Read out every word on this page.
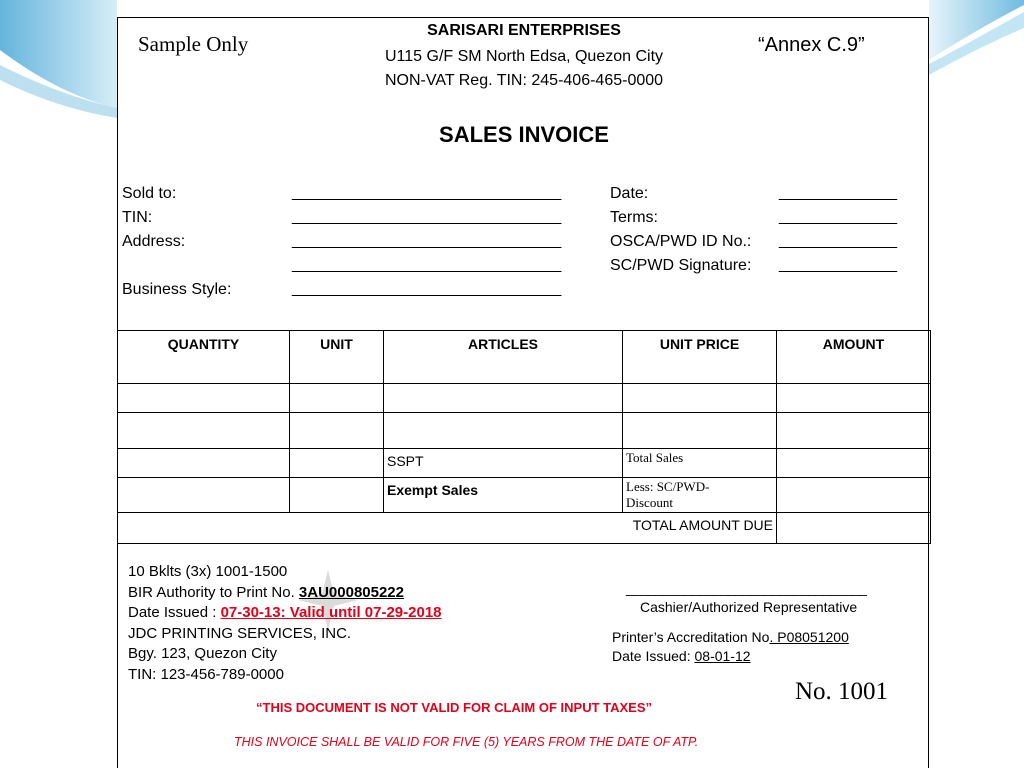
Sample Only	“Annex C.9”
SARISARI ENTERPRISES
U115 G/F SM North Edsa, Quezon City
NON-VAT Reg. TIN: 245-406-465-0000
SALES INVOICE
Sold to:	________________________________
TIN:	________________________________
Address:	________________________________
________________________________
Business Style:	________________________________
Date:	______________
Terms:	______________
OSCA/PWD ID No.: ______________
SC/PWD Signature: ______________
QUANTITY	UNIT	ARTICLES	UNIT PRICE	AMOUNT

		SSPT	Total Sales	

		Exempt Sales	Less: SC/PWD-Discount	

TOTAL AMOUNT DUE				

10 Bklts (3x) 1001-1500
BIR Authority to Print No. 3AU000805222
Date Issued : 07-30-13: Valid until 07-29-2018
JDC PRINTING SERVICES, INC.
Bgy. 123, Quezon City
TIN: 123-456-789-0000
_________________________________
Cashier/Authorized Representative
Printer’s Accreditation No. P08051200
Date Issued: 08-01-12
No. 1001
“THIS DOCUMENT IS NOT VALID FOR CLAIM OF INPUT TAXES”
THIS INVOICE SHALL BE VALID FOR FIVE (5) YEARS FROM THE DATE OF ATP.
